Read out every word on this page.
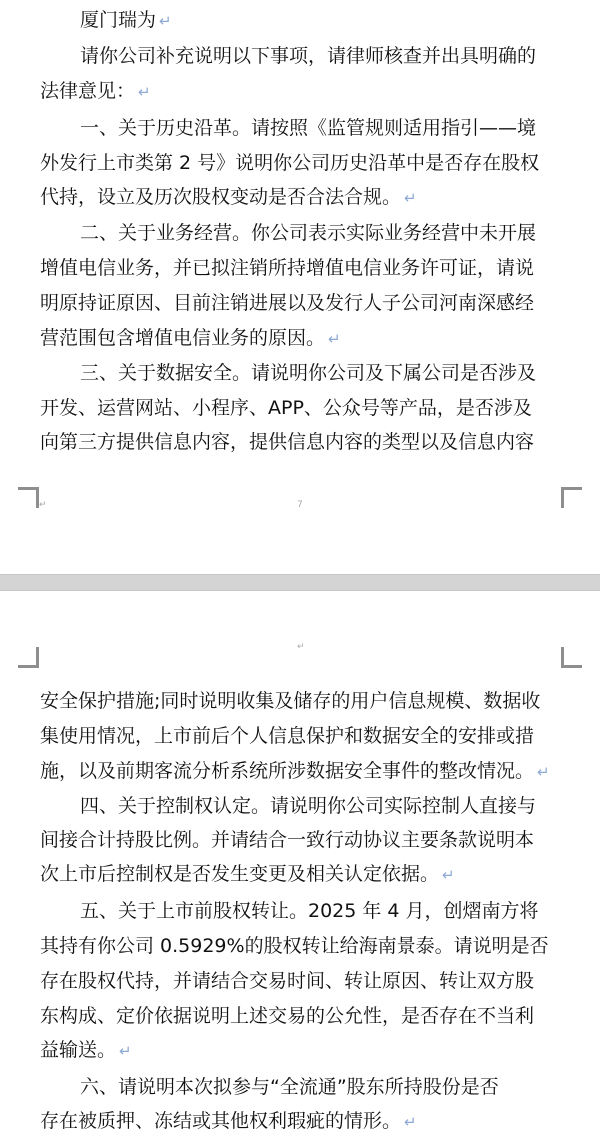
厦门瑞为 ↵
请你公司补充说明以下事项，请律师核查并出具明确的
法律意见： ↵
一、关于历史沿革。请按照《监管规则适用指引——境
外发行上市类第 2 号》说明你公司历史沿革中是否存在股权
代持，设立及历次股权变动是否合法合规。 ↵
二、关于业务经营。你公司表示实际业务经营中未开展
增值电信业务，并已拟注销所持增值电信业务许可证，请说
明原持证原因、目前注销进展以及发行人子公司河南深感经
营范围包含增值电信业务的原因。 ↵
三、关于数据安全。请说明你公司及下属公司是否涉及
开发、运营网站、小程序、APP、公众号等产品，是否涉及
向第三方提供信息内容，提供信息内容的类型以及信息内容
↵	7
↵
安全保护措施;同时说明收集及储存的用户信息规模、数据收
集使用情况，上市前后个人信息保护和数据安全的安排或措
施，以及前期客流分析系统所涉数据安全事件的整改情况。 ↵
四、关于控制权认定。请说明你公司实际控制人直接与
间接合计持股比例。并请结合一致行动协议主要条款说明本
次上市后控制权是否发生变更及相关认定依据。 ↵
五、关于上市前股权转让。2025 年 4 月，创熠南方将
其持有你公司 0.5929%的股权转让给海南景泰。请说明是否
存在股权代持，并请结合交易时间、转让原因、转让双方股
东构成、定价依据说明上述交易的公允性，是否存在不当利
益输送。 ↵
六、请说明本次拟参与“全流通”股东所持股份是否
存在被质押、冻结或其他权利瑕疵的情形。 ↵
